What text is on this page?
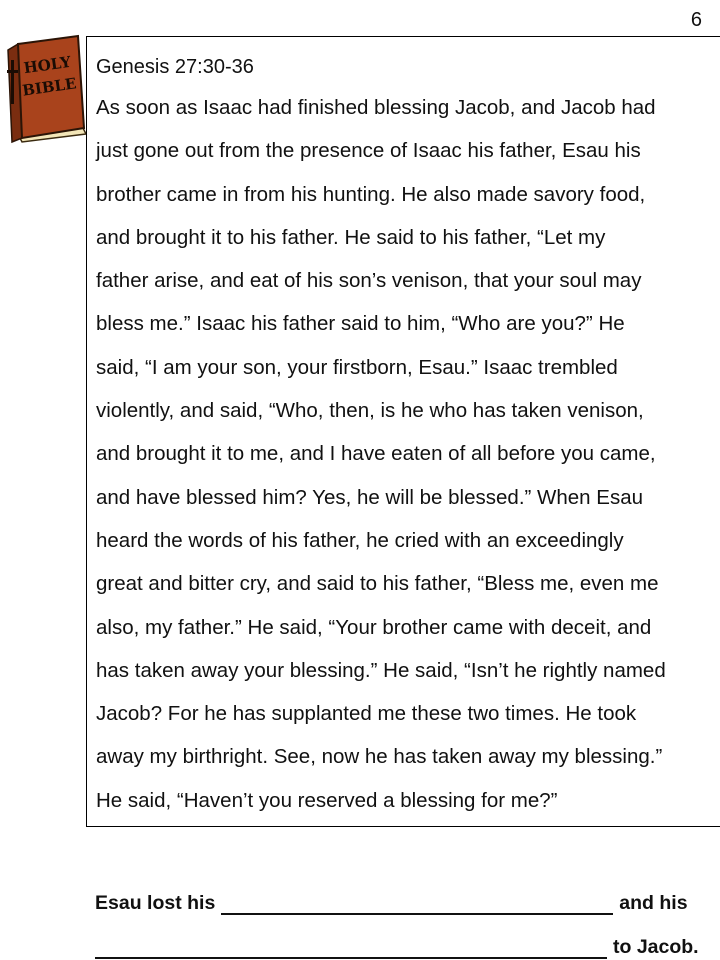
6
HOLY
BIBLE
Genesis 27:30-36
As soon as Isaac had finished blessing Jacob, and Jacob had
just gone out from the presence of Isaac his father, Esau his
brother came in from his hunting. He also made savory food,
and brought it to his father. He said to his father, “Let my
father arise, and eat of his son’s venison, that your soul may
bless me.” Isaac his father said to him, “Who are you?” He
said, “I am your son, your firstborn, Esau.” Isaac trembled
violently, and said, “Who, then, is he who has taken venison,
and brought it to me, and I have eaten of all before you came,
and have blessed him? Yes, he will be blessed.” When Esau
heard the words of his father, he cried with an exceedingly
great and bitter cry, and said to his father, “Bless me, even me
also, my father.” He said, “Your brother came with deceit, and
has taken away your blessing.” He said, “Isn’t he rightly named
Jacob? For he has supplanted me these two times. He took
away my birthright. See, now he has taken away my blessing.”
He said, “Haven’t you reserved a blessing for me?”
Esau lost his	and his
to Jacob.
